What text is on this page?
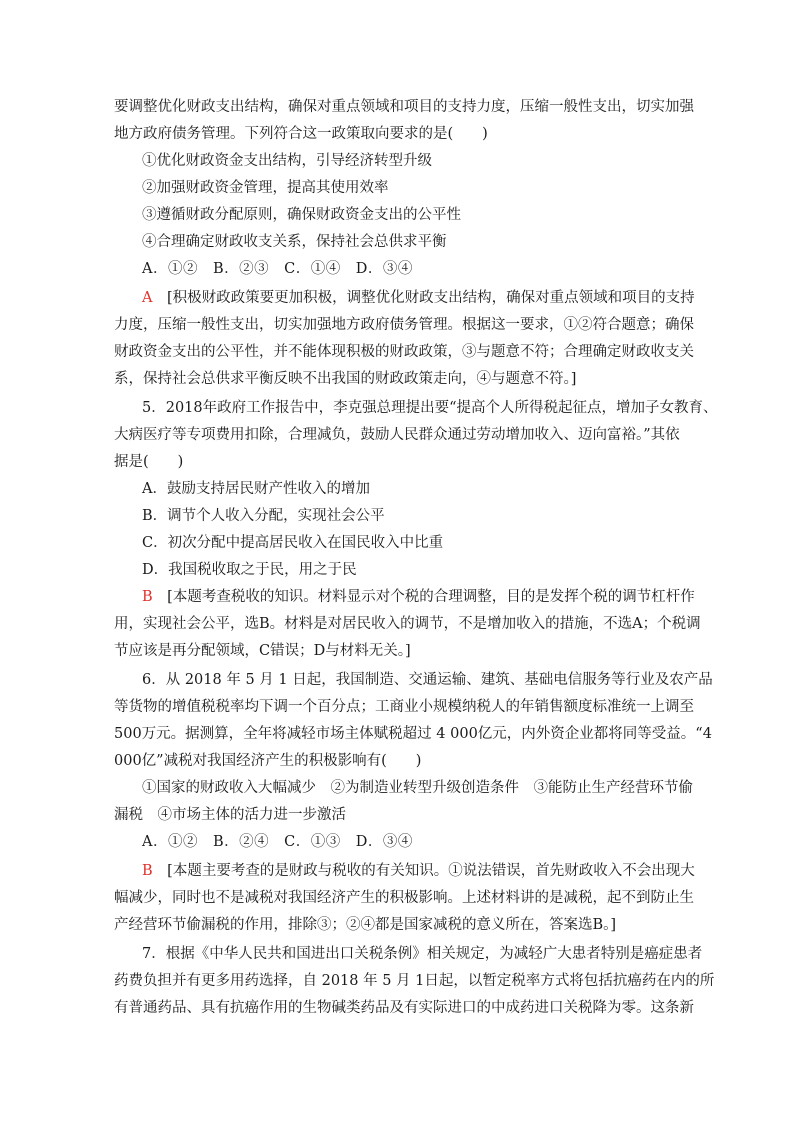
要调整优化财政支出结构，确保对重点领域和项目的支持力度，压缩一般性支出，切实加强
地方政府债务管理。下列符合这一政策取向要求的是(　　)
①优化财政资金支出结构，引导经济转型升级
②加强财政资金管理，提高其使用效率
③遵循财政分配原则，确保财政资金支出的公平性
④合理确定财政收支关系，保持社会总供求平衡
A．①②　B．②③　C．①④　D．③④
A　[积极财政政策要更加积极，调整优化财政支出结构，确保对重点领域和项目的支持
力度，压缩一般性支出，切实加强地方政府债务管理。根据这一要求，①②符合题意；确保
财政资金支出的公平性，并不能体现积极的财政政策，③与题意不符；合理确定财政收支关
系，保持社会总供求平衡反映不出我国的财政政策走向，④与题意不符。]
5．2018年政府工作报告中，李克强总理提出要“提高个人所得税起征点，增加子女教育、
大病医疗等专项费用扣除，合理减负，鼓励人民群众通过劳动增加收入、迈向富裕。”其依
据是(　　)
A．鼓励支持居民财产性收入的增加
B．调节个人收入分配，实现社会公平
C．初次分配中提高居民收入在国民收入中比重
D．我国税收取之于民，用之于民
B　[本题考查税收的知识。材料显示对个税的合理调整，目的是发挥个税的调节杠杆作
用，实现社会公平，选B。材料是对居民收入的调节，不是增加收入的措施，不选A；个税调
节应该是再分配领域，C错误；D与材料无关。]
6．从 2018 年 5 月 1 日起，我国制造、交通运输、建筑、基础电信服务等行业及农产品
等货物的增值税税率均下调一个百分点；工商业小规模纳税人的年销售额度标准统一上调至
500万元。据测算，全年将减轻市场主体赋税超过 4 000亿元，内外资企业都将同等受益。“4
000亿”减税对我国经济产生的积极影响有(　　)
①国家的财政收入大幅减少　②为制造业转型升级创造条件　③能防止生产经营环节偷
漏税　④市场主体的活力进一步激活
A．①②　B．②④　C．①③　D．③④
B　[本题主要考查的是财政与税收的有关知识。①说法错误，首先财政收入不会出现大
幅减少，同时也不是减税对我国经济产生的积极影响。上述材料讲的是减税，起不到防止生
产经营环节偷漏税的作用，排除③；②④都是国家减税的意义所在，答案选B。]
7．根据《中华人民共和国进出口关税条例》相关规定，为减轻广大患者特别是癌症患者
药费负担并有更多用药选择，自 2018 年 5 月 1日起，以暂定税率方式将包括抗癌药在内的所
有普通药品、具有抗癌作用的生物碱类药品及有实际进口的中成药进口关税降为零。这条新
